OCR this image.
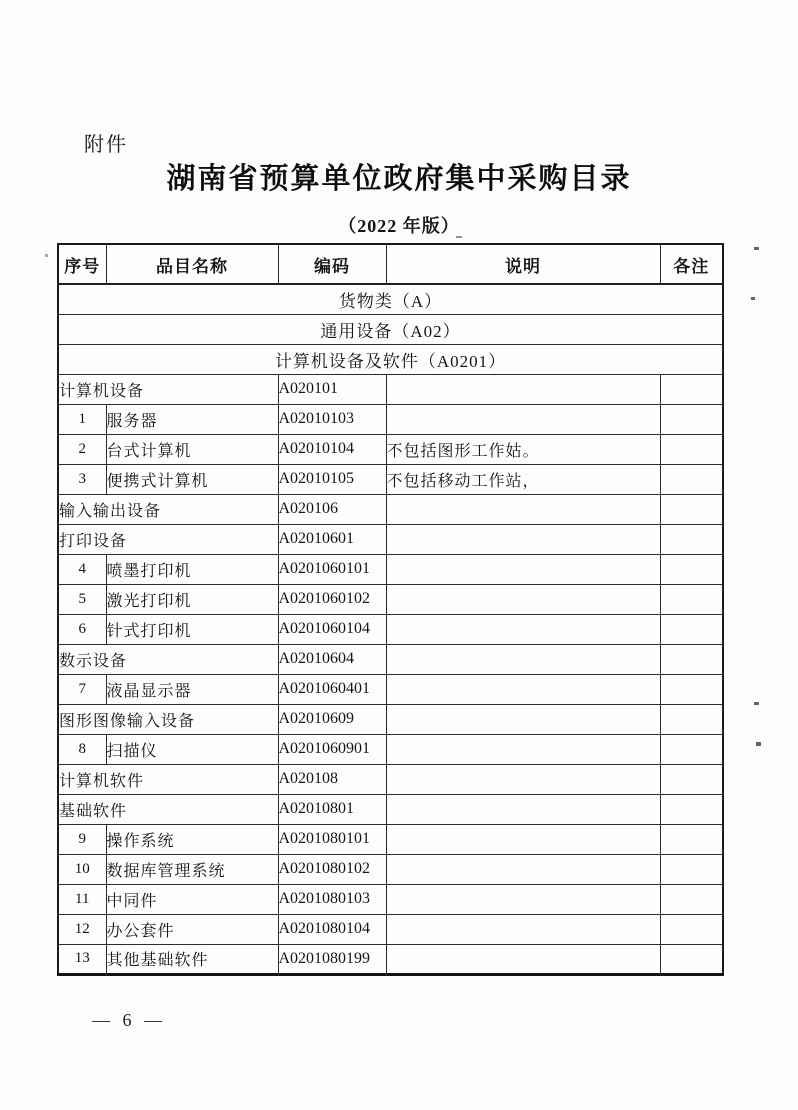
附件
湖南省预算单位政府集中采购目录
（2022 年版）
序号	品目名称	编码	说明	各注
货物类（A）				
通用设备（A02）				
计算机设备及软件（A0201）				
计算机设备		A020101		
1	服务器	A02010103		
2	台式计算机	A02010104	不包括图形工作姑。	
3	便携式计算机	A02010105	不包括移动工作站，	
输入输出设备		A020106		
打印设备		A02010601		
4	喷墨打印机	A0201060101		
5	激光打印机	A0201060102		
6	针式打印机	A0201060104		
数示设备		A02010604		
7	液晶显示器	A0201060401		
图形图像输入设备		A02010609		
8	扫描仪	A0201060901		
计算机软件		A020108		
基础软件		A02010801		
9	操作系统	A0201080101		
10	数据库管理系统	A0201080102		
11	中同件	A0201080103		
12	办公套件	A0201080104		
13	其他基础软件	A0201080199		
— 6 —
